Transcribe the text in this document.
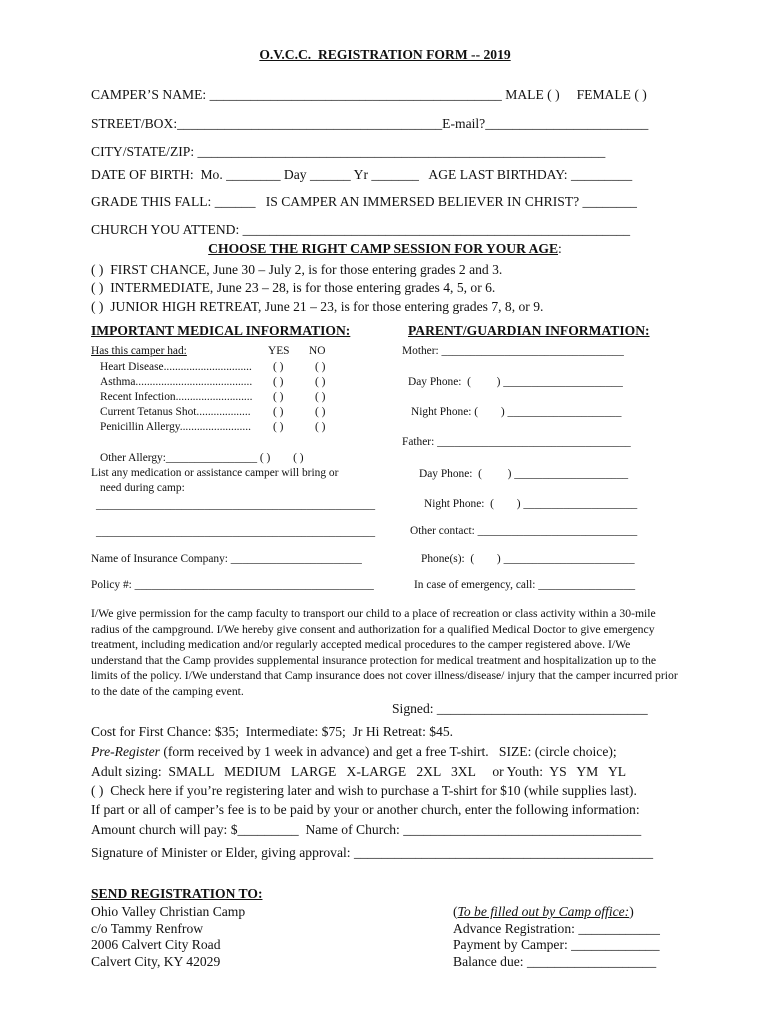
O.V.C.C.  REGISTRATION FORM -- 2019
CAMPER’S NAME: ___________________________________________ MALE ( )     FEMALE ( )
STREET/BOX:_______________________________________E-mail?________________________
CITY/STATE/ZIP: ____________________________________________________________
DATE OF BIRTH:  Mo. ________ Day ______ Yr _______   AGE LAST BIRTHDAY: _________
GRADE THIS FALL: ______   IS CAMPER AN IMMERSED BELIEVER IN CHRIST? ________
CHURCH YOU ATTEND: _________________________________________________________
CHOOSE THE RIGHT CAMP SESSION FOR YOUR AGE:
( )  FIRST CHANCE, June 30 – July 2, is for those entering grades 2 and 3.
( )  INTERMEDIATE, June 23 – 28, is for those entering grades 4, 5, or 6.
( )  JUNIOR HIGH RETREAT, June 21 – 23, is for those entering grades 7, 8, or 9.
IMPORTANT MEDICAL INFORMATION:	PARENT/GUARDIAN INFORMATION:
Has this camper had:	YES NO
Heart Disease............................... ( )	( )
Asthma......................................... ( )	( )
Recent Infection........................... ( )	( )
Current Tetanus Shot................... ( )	( )
Penicillin Allergy......................... ( )	( )
Other Allergy:________________ ( )        ( )
List any medication or assistance camper will bring or
need during camp:
_________________________________________________
_________________________________________________
Name of Insurance Company: _______________________
Policy #: __________________________________________
Mother: ________________________________
Day Phone:  (         ) _____________________
Night Phone: (        ) ____________________
Father: __________________________________
Day Phone:  (         ) ____________________
Night Phone:  (        ) ____________________
Other contact: ____________________________
Phone(s):  (        ) _______________________
In case of emergency, call: _________________
I/We give permission for the camp faculty to transport our child to a place of recreation or class activity within a 30-mile radius of the campground. I/We hereby give consent and authorization for a qualified Medical Doctor to give emergency treatment, including medication and/or regularly accepted medical procedures to the camper registered above. I/We understand that the Camp provides supplemental insurance protection for medical treatment and hospitalization up to the limits of the policy. I/We understand that Camp insurance does not cover illness/disease/ injury that the camper incurred prior to the date of the camping event.
Signed: _______________________________
Cost for First Chance: $35;  Intermediate: $75;  Jr Hi Retreat: $45.
Pre-Register (form received by 1 week in advance) and get a free T-shirt.   SIZE: (circle choice);
Adult sizing:  SMALL   MEDIUM   LARGE   X-LARGE   2XL   3XL     or Youth:  YS   YM   YL
( )  Check here if you’re registering later and wish to purchase a T-shirt for $10 (while supplies last).
If part or all of camper’s fee is to be paid by your or another church, enter the following information:
Amount church will pay: $_________  Name of Church: ___________________________________
Signature of Minister or Elder, giving approval: ____________________________________________
SEND REGISTRATION TO:
Ohio Valley Christian Camp
c/o Tammy Renfrow
2006 Calvert City Road
Calvert City, KY 42029
(To be filled out by Camp office:)
Advance Registration: ____________
Payment by Camper: _____________
Balance due: ___________________
